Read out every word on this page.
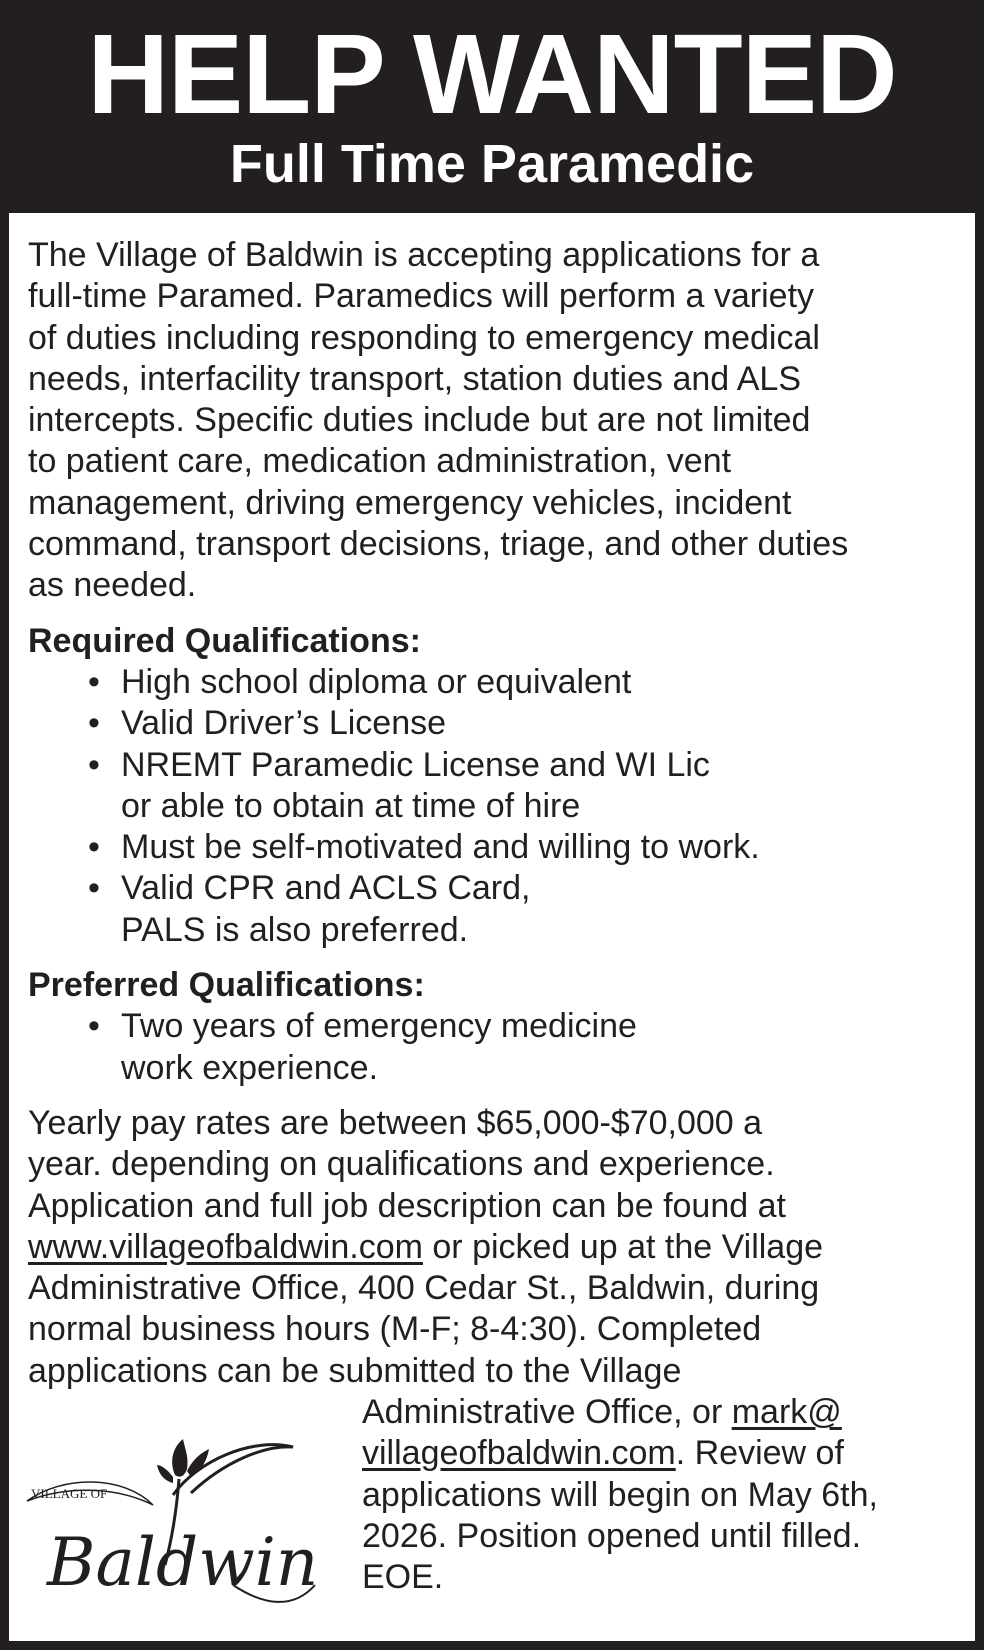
HELP WANTED
Full Time Paramedic

The Village of Baldwin is accepting applications for a
full-time Paramed. Paramedics will perform a variety
of duties including responding to emergency medical
needs, interfacility transport, station duties and ALS
intercepts. Specific duties include but are not limited
to patient care, medication administration, vent
management, driving emergency vehicles, incident
command, transport decisions, triage, and other duties
as needed.

Required Qualifications:

• High school diploma or equivalent
• Valid Driver’s License
• NREMT Paramedic License and WI Lic
or able to obtain at time of hire
• Must be self-motivated and willing to work.
• Valid CPR and ACLS Card,
PALS is also preferred.

Preferred Qualifications:

• Two years of emergency medicine
work experience.

Yearly pay rates are between $65,000-$70,000 a
year. depending on qualifications and experience.
Application and full job description can be found at
www.villageofbaldwin.com or picked up at the Village
Administrative Office, 400 Cedar St., Baldwin, during
normal business hours (M-F; 8-4:30). Completed
applications can be submitted to the Village
Administrative Office, or mark@
villageofbaldwin.com. Review of
applications will begin on May 6th,
2026. Position opened until filled.
EOE.

VILLAGE OF
Baldwin
